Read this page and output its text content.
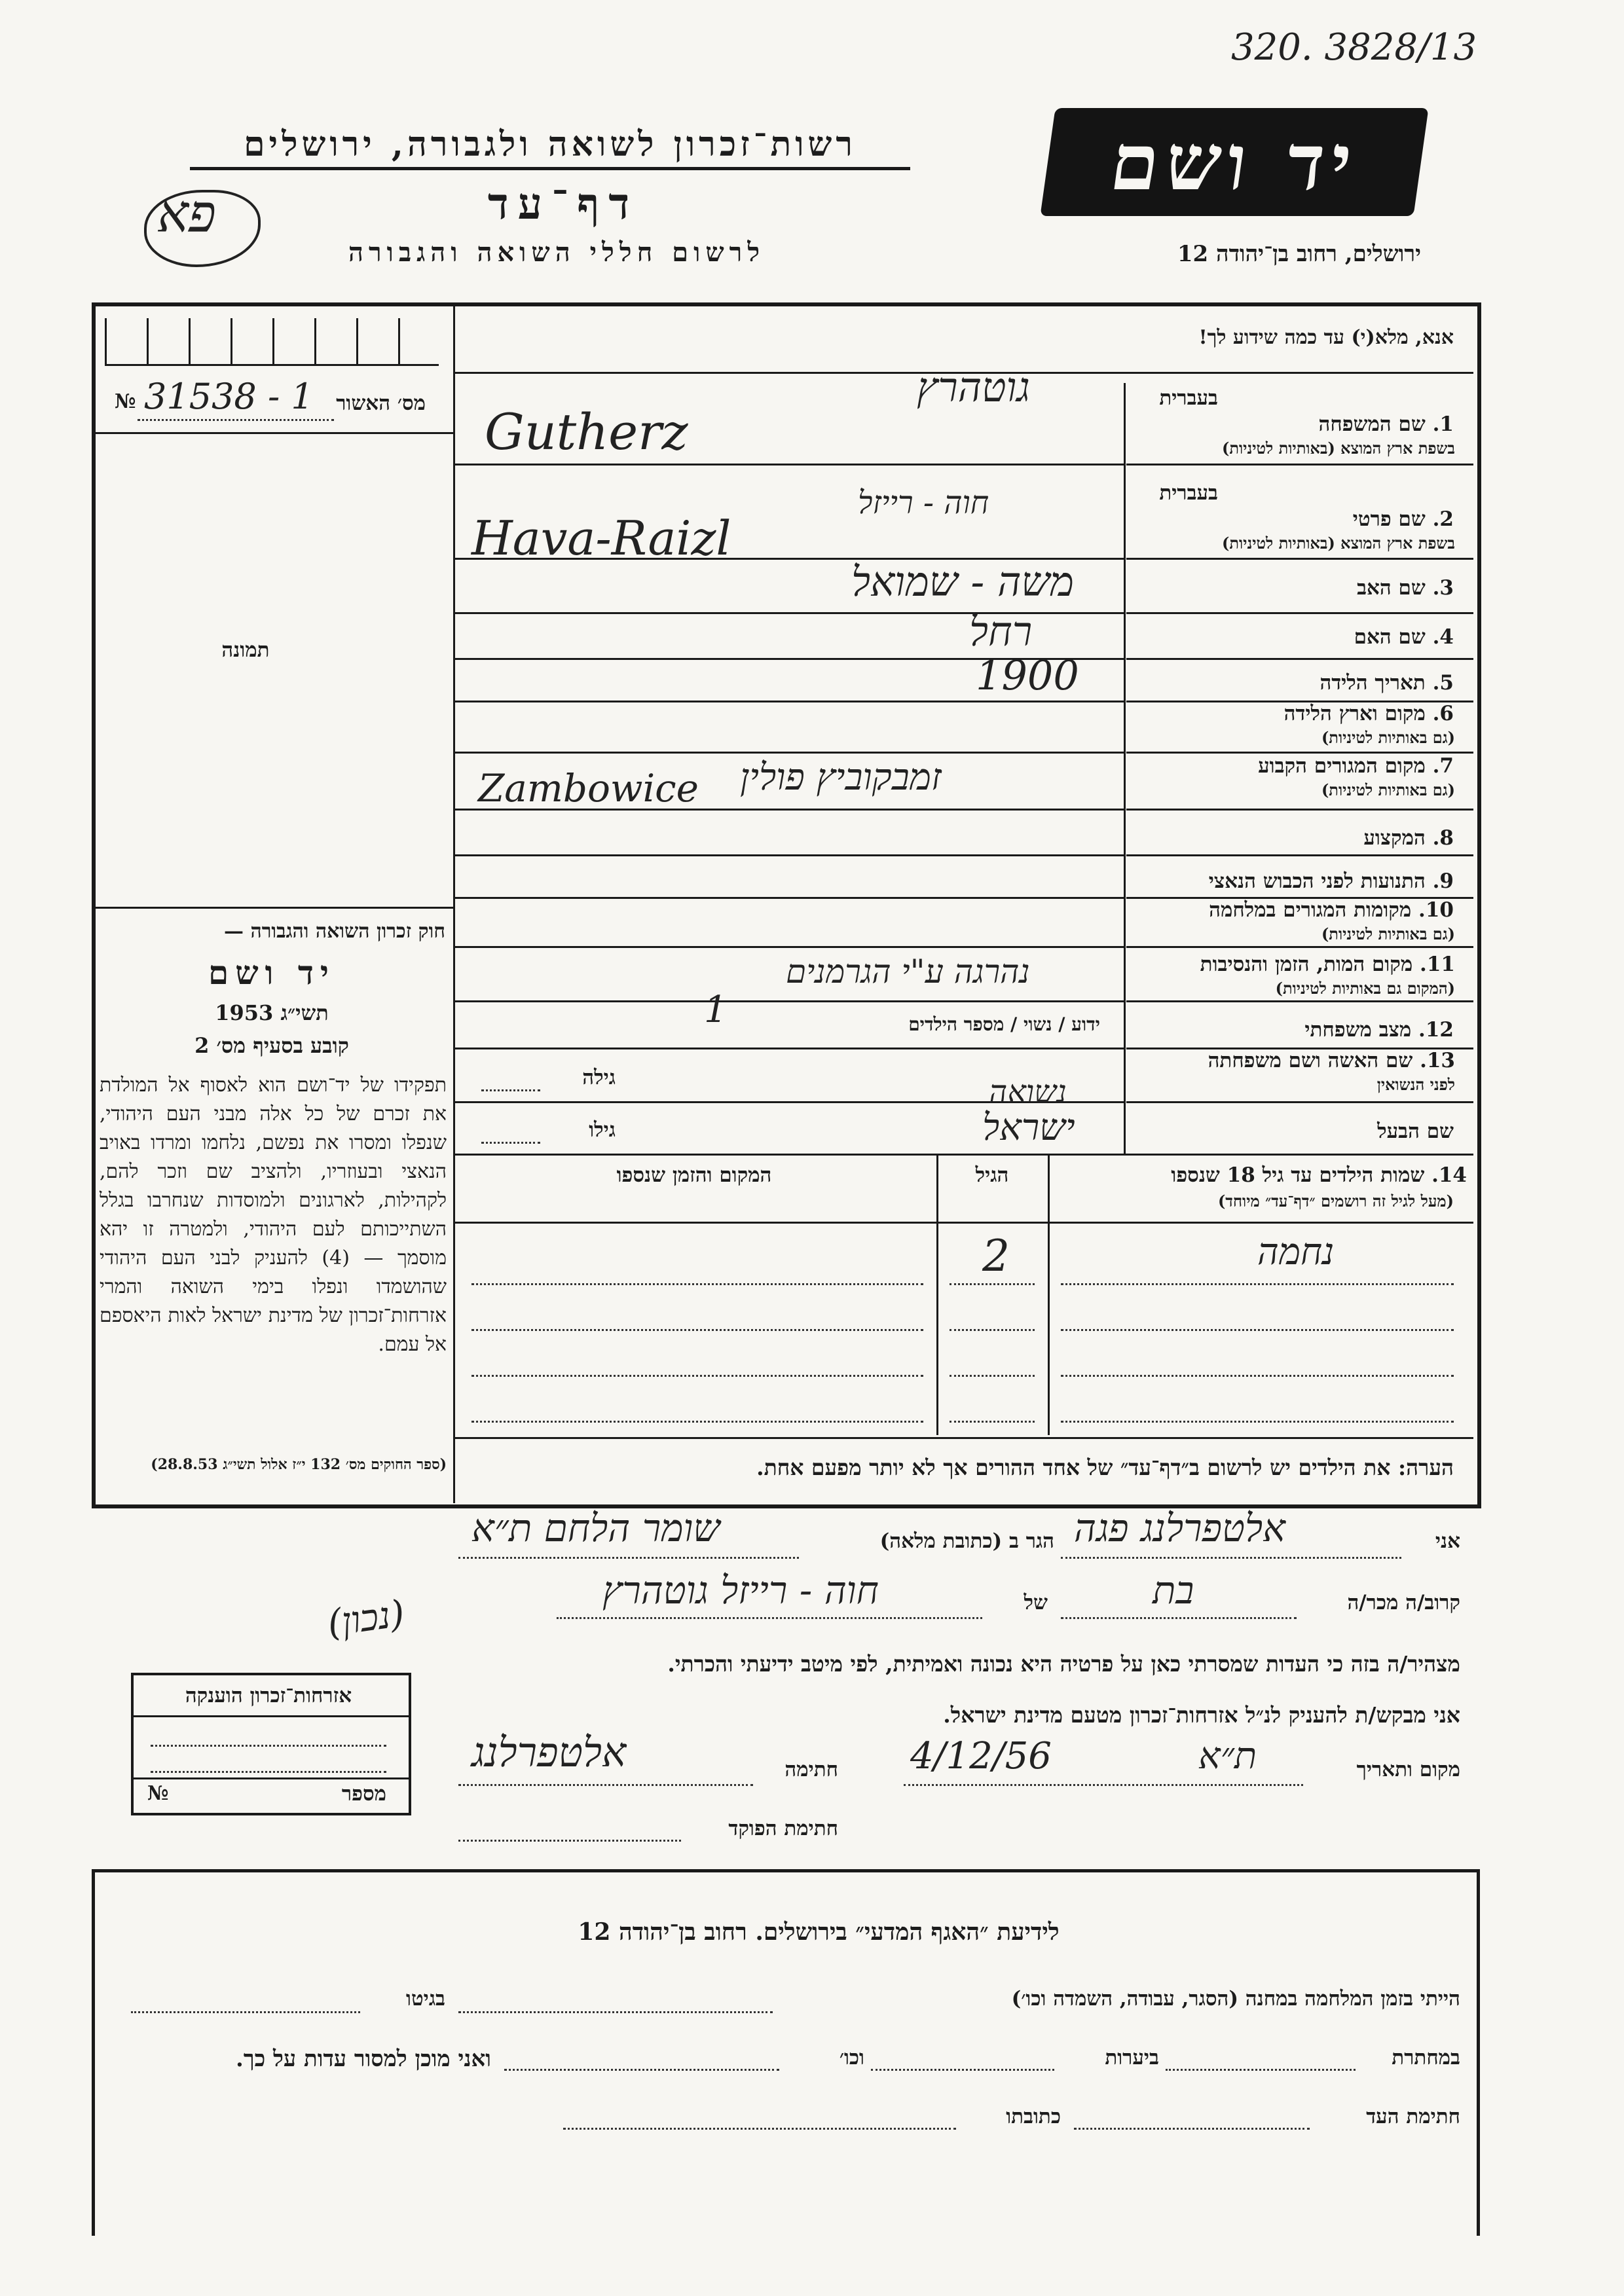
320. 3828/13
רשות־זכרון לשואה ולגבורה, ירושלים	יד ושם
דף־עד
פא
לרשום חללי השואה והגבורה	ירושלים, רחוב בן־יהודה 12
אנא, מלא(י) עד כמה שידוע לך!
מס׳ האשור
№ 31538 - 1
תמונה
חוק זכרון השואה והגבורה —
יד ושם
תשי״ג 1953
קובע בסעיף מס׳ 2
תפקידו של יד־ושם הוא לאסוף אל המולדת את זכרם של כל אלה מבני העם היהודי, שנפלו ומסרו את נפשם, נלחמו ומרדו באויב הנאצי ובעוזריו, ולהציב שם וזכר להם, לקהילות, לארגונים ולמוסדות שנחרבו בגלל השתייכותם לעם היהודי, ולמטרה זו יהא מוסמך — (4) להעניק לבני העם היהודי שהושמדו ונפלו בימי השואה והמרי אזרחות־זכרון של מדינת ישראל לאות היאספם אל עמם.
(ספר החוקים מס׳ 132 י״ז אלול תשי״ג 28.8.53)
בעברית
1. שם המשפחה
בשפת ארץ המוצא (באותיות לטיניות)
בעברית
2. שם פרטי
בשפת ארץ המוצא (באותיות לטיניות)
3. שם האב
4. שם האם
5. תאריך הלידה
6. מקום וארץ הלידה
(גם באותיות לטיניות)
7. מקום המגורים הקבוע
(גם באותיות לטיניות)
8. המקצוע
9. התנועות לפני הכבוש הנאצי
10. מקומות המגורים במלחמה
(גם באותיות לטיניות)
11. מקום המות, הזמן והנסיבות
(המקום גם באותיות לטיניות)
12. מצב משפחתי
13. שם האשה ושם משפחתה
לפני הנשואין
שם הבעל
גוטהרץ
Gutherz
חוה - רייזל
Hava-Raizl
משה - שמואל
רחל
1900
Zambowice זמבקוביץ פולין
נהרגה ע"י הגרמנים
ידוע / נשוי / מספר הילדים
1
נשואה
ישראל
גילה
גילו
14. שמות הילדים עד גיל 18 שנספו
(מעל לגיל זה רושמים ״דף־עד״ מיוחד)
הגיל
המקום והזמן שנספו
נחמה
2
הערה: את הילדים יש לרשום ב״דף־עד״ של אחד ההורים אך לא יותר מפעם אחת.
אני
אלטפרלנג פגה
הגר ב (כתובת מלאה)
שומר הלחם ת״א
קרוב/ה מכר/ה
בת
של
חוה - רייזל גוטהרץ
(נכון)
מצהיר/ה בזה כי העדות שמסרתי כאן על פרטיה היא נכונה ואמיתית, לפי מיטב ידיעתי והכרתי.
אני מבקש/ת להעניק לנ״ל אזרחות־זכרון מטעם מדינת ישראל.
מקום ותאריך
ת״א
4/12/56
חתימה
אלטפרלנג
חתימת הפוקד
אזרחות־זכרון הוענקה
מספר
№
לידיעת ״האגף המדעי״ בירושלים. רחוב בן־יהודה 12
הייתי בזמן המלחמה במחנה (הסגר, עבודה, השמדה וכו׳)
בגיטו
במחתרת
ביערות
וכו׳
ואני מוכן למסור עדות על כך.
חתימת העד
כתובתו
